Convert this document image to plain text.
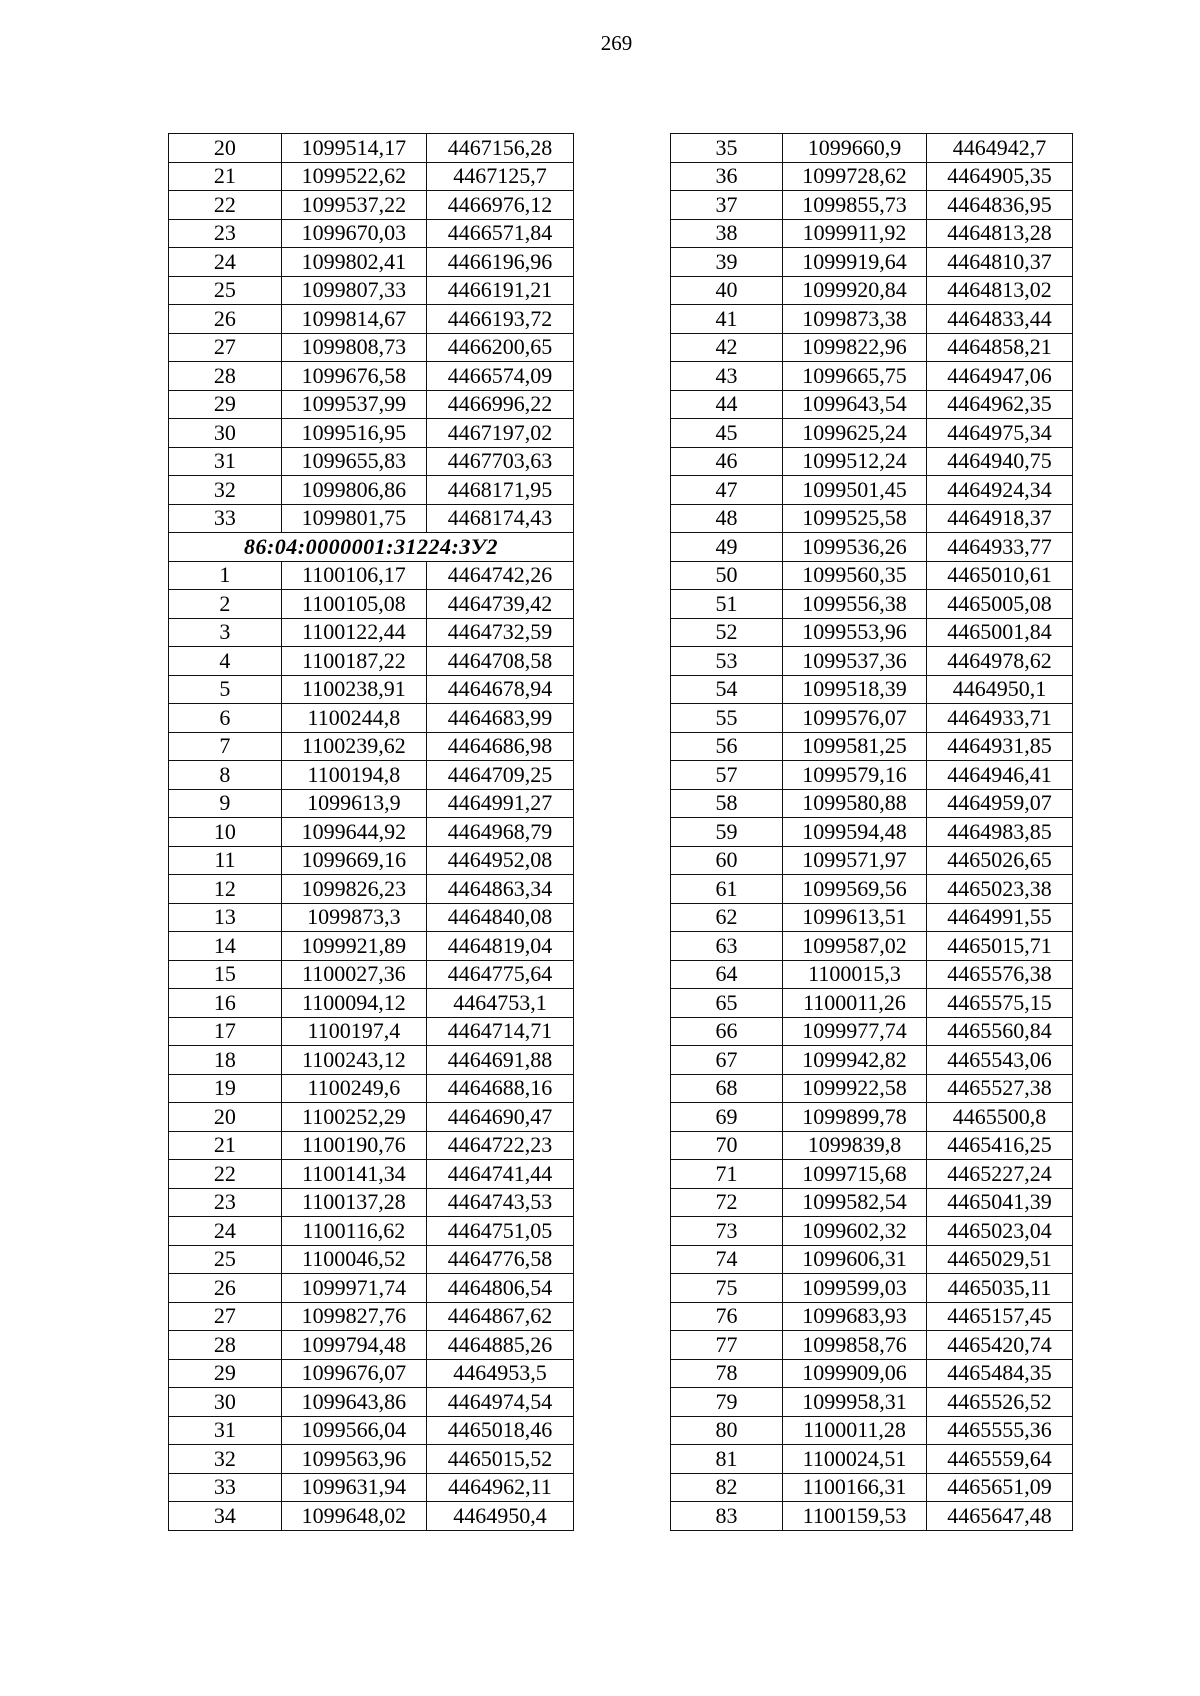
269
20	1099514,17	4467156,28
21	1099522,62	4467125,7
22	1099537,22	4466976,12
23	1099670,03	4466571,84
24	1099802,41	4466196,96
25	1099807,33	4466191,21
26	1099814,67	4466193,72
27	1099808,73	4466200,65
28	1099676,58	4466574,09
29	1099537,99	4466996,22
30	1099516,95	4467197,02
31	1099655,83	4467703,63
32	1099806,86	4468171,95
33	1099801,75	4468174,43
86:04:0000001:31224:ЗУ2		
1	1100106,17	4464742,26
2	1100105,08	4464739,42
3	1100122,44	4464732,59
4	1100187,22	4464708,58
5	1100238,91	4464678,94
6	1100244,8	4464683,99
7	1100239,62	4464686,98
8	1100194,8	4464709,25
9	1099613,9	4464991,27
10	1099644,92	4464968,79
11	1099669,16	4464952,08
12	1099826,23	4464863,34
13	1099873,3	4464840,08
14	1099921,89	4464819,04
15	1100027,36	4464775,64
16	1100094,12	4464753,1
17	1100197,4	4464714,71
18	1100243,12	4464691,88
19	1100249,6	4464688,16
20	1100252,29	4464690,47
21	1100190,76	4464722,23
22	1100141,34	4464741,44
23	1100137,28	4464743,53
24	1100116,62	4464751,05
25	1100046,52	4464776,58
26	1099971,74	4464806,54
27	1099827,76	4464867,62
28	1099794,48	4464885,26
29	1099676,07	4464953,5
30	1099643,86	4464974,54
31	1099566,04	4465018,46
32	1099563,96	4465015,52
33	1099631,94	4464962,11
34	1099648,02	4464950,4
35	1099660,9	4464942,7
36	1099728,62	4464905,35
37	1099855,73	4464836,95
38	1099911,92	4464813,28
39	1099919,64	4464810,37
40	1099920,84	4464813,02
41	1099873,38	4464833,44
42	1099822,96	4464858,21
43	1099665,75	4464947,06
44	1099643,54	4464962,35
45	1099625,24	4464975,34
46	1099512,24	4464940,75
47	1099501,45	4464924,34
48	1099525,58	4464918,37
49	1099536,26	4464933,77
50	1099560,35	4465010,61
51	1099556,38	4465005,08
52	1099553,96	4465001,84
53	1099537,36	4464978,62
54	1099518,39	4464950,1
55	1099576,07	4464933,71
56	1099581,25	4464931,85
57	1099579,16	4464946,41
58	1099580,88	4464959,07
59	1099594,48	4464983,85
60	1099571,97	4465026,65
61	1099569,56	4465023,38
62	1099613,51	4464991,55
63	1099587,02	4465015,71
64	1100015,3	4465576,38
65	1100011,26	4465575,15
66	1099977,74	4465560,84
67	1099942,82	4465543,06
68	1099922,58	4465527,38
69	1099899,78	4465500,8
70	1099839,8	4465416,25
71	1099715,68	4465227,24
72	1099582,54	4465041,39
73	1099602,32	4465023,04
74	1099606,31	4465029,51
75	1099599,03	4465035,11
76	1099683,93	4465157,45
77	1099858,76	4465420,74
78	1099909,06	4465484,35
79	1099958,31	4465526,52
80	1100011,28	4465555,36
81	1100024,51	4465559,64
82	1100166,31	4465651,09
83	1100159,53	4465647,48
